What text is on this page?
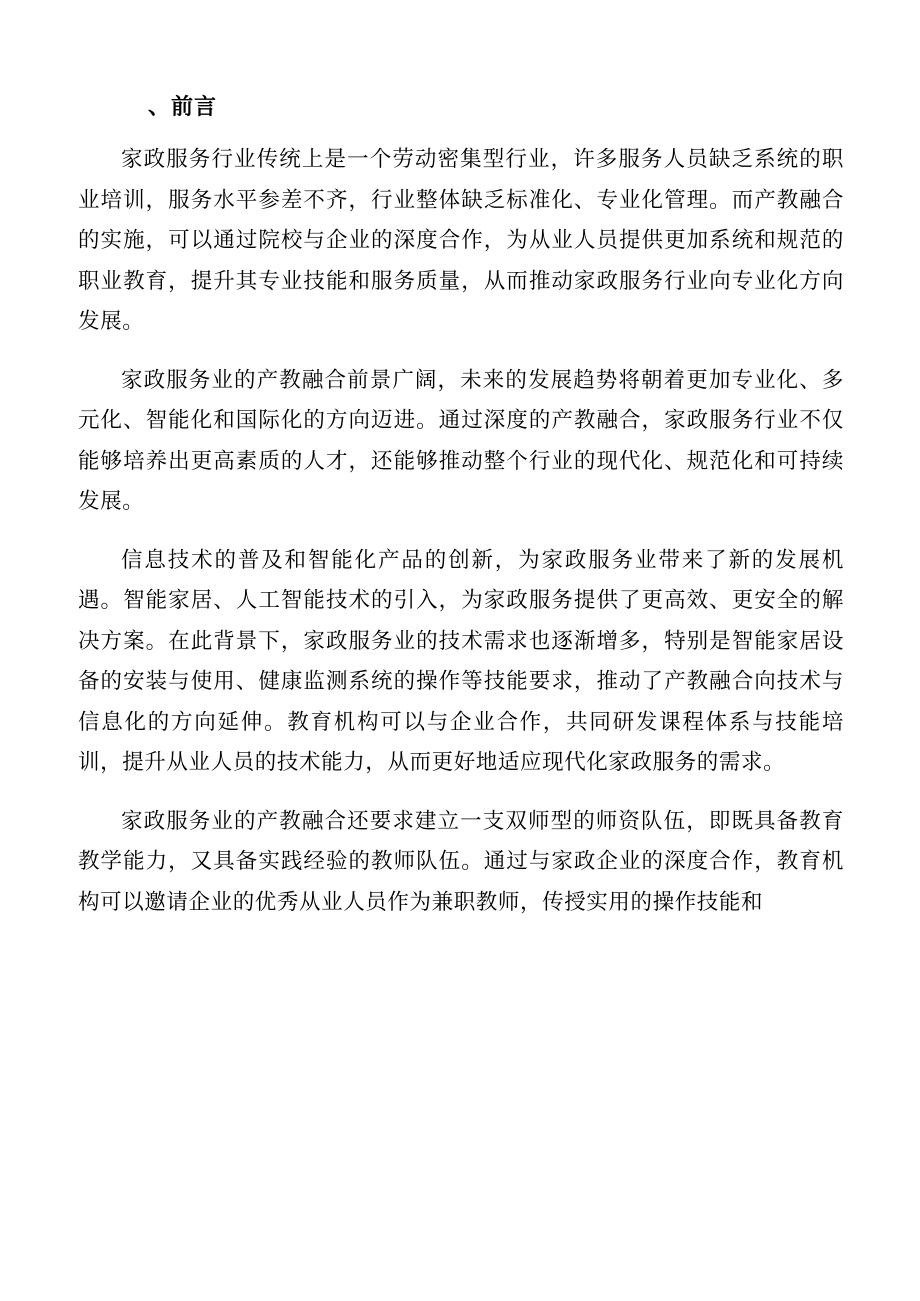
、前言

家政服务行业传统上是一个劳动密集型行业，许多服务人员缺乏系统的职业培训，服务水平参差不齐，行业整体缺乏标准化、专业化管理。而产教融合的实施，可以通过院校与企业的深度合作，为从业人员提供更加系统和规范的职业教育，提升其专业技能和服务质量，从而推动家政服务行业向专业化方向发展。

家政服务业的产教融合前景广阔，未来的发展趋势将朝着更加专业化、多元化、智能化和国际化的方向迈进。通过深度的产教融合，家政服务行业不仅能够培养出更高素质的人才，还能够推动整个行业的现代化、规范化和可持续发展。

信息技术的普及和智能化产品的创新，为家政服务业带来了新的发展机遇。智能家居、人工智能技术的引入，为家政服务提供了更高效、更安全的解决方案。在此背景下，家政服务业的技术需求也逐渐增多，特别是智能家居设备的安装与使用、健康监测系统的操作等技能要求，推动了产教融合向技术与信息化的方向延伸。教育机构可以与企业合作，共同研发课程体系与技能培训，提升从业人员的技术能力，从而更好地适应现代化家政服务的需求。

家政服务业的产教融合还要求建立一支双师型的师资队伍，即既具备教育教学能力，又具备实践经验的教师队伍。通过与家政企业的深度合作，教育机构可以邀请企业的优秀从业人员作为兼职教师，传授实用的操作技能和
